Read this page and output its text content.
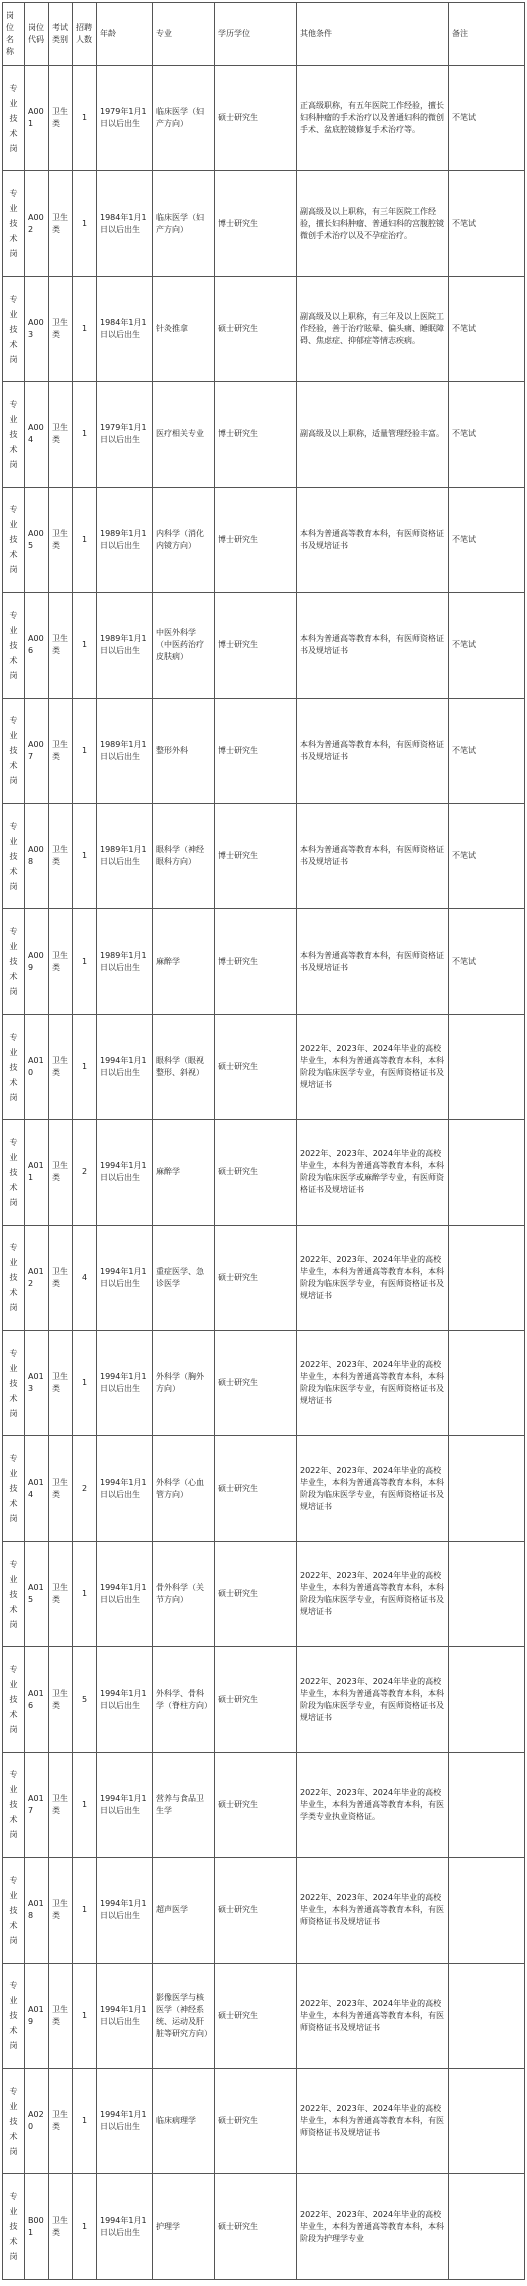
岗位名称	岗位代码	考试类别	招聘人数	年龄	专业	学历学位	其他条件	备注
专业技术岗	A001	卫生类	1	1979年1月1日以后出生	临床医学（妇产方向）	硕士研究生	正高级职称，有五年医院工作经验，擅长妇科肿瘤的手术治疗以及普通妇科的微创手术、盆底腔镜修复手术治疗等。	不笔试
专业技术岗	A002	卫生类	1	1984年1月1日以后出生	临床医学（妇产方向）	博士研究生	副高级及以上职称，有三年医院工作经验，擅长妇科肿瘤、普通妇科的宫腹腔镜微创手术治疗以及不孕症治疗。	不笔试
专业技术岗	A003	卫生类	1	1984年1月1日以后出生	针灸推拿	硕士研究生	副高级及以上职称，有三年及以上医院工作经验，善于治疗眩晕、偏头痛、睡眠障碍、焦虑症、抑郁症等情志疾病。	不笔试
专业技术岗	A004	卫生类	1	1979年1月1日以后出生	医疗相关专业	博士研究生	副高级及以上职称，适量管理经验丰富。	不笔试
专业技术岗	A005	卫生类	1	1989年1月1日以后出生	内科学（消化内镜方向）	博士研究生	本科为普通高等教育本科，有医师资格证书及规培证书	不笔试
专业技术岗	A006	卫生类	1	1989年1月1日以后出生	中医外科学（中医药治疗皮肤病）	博士研究生	本科为普通高等教育本科，有医师资格证书及规培证书	不笔试
专业技术岗	A007	卫生类	1	1989年1月1日以后出生	整形外科	博士研究生	本科为普通高等教育本科，有医师资格证书及规培证书	不笔试
专业技术岗	A008	卫生类	1	1989年1月1日以后出生	眼科学（神经眼科方向）	博士研究生	本科为普通高等教育本科，有医师资格证书及规培证书	不笔试
专业技术岗	A009	卫生类	1	1989年1月1日以后出生	麻醉学	博士研究生	本科为普通高等教育本科，有医师资格证书及规培证书	不笔试
专业技术岗	A010	卫生类	1	1994年1月1日以后出生	眼科学（眼视整形、斜视）	硕士研究生	2022年、2023年、2024年毕业的高校毕业生，本科为普通高等教育本科，本科阶段为临床医学专业，有医师资格证书及规培证书	
专业技术岗	A011	卫生类	2	1994年1月1日以后出生	麻醉学	硕士研究生	2022年、2023年、2024年毕业的高校毕业生，本科为普通高等教育本科，本科阶段为临床医学或麻醉学专业，有医师资格证书及规培证书	
专业技术岗	A012	卫生类	4	1994年1月1日以后出生	重症医学、急诊医学	硕士研究生	2022年、2023年、2024年毕业的高校毕业生，本科为普通高等教育本科，本科阶段为临床医学专业，有医师资格证书及规培证书	
专业技术岗	A013	卫生类	1	1994年1月1日以后出生	外科学（胸外方向）	硕士研究生	2022年、2023年、2024年毕业的高校毕业生，本科为普通高等教育本科，本科阶段为临床医学专业，有医师资格证书及规培证书	
专业技术岗	A014	卫生类	2	1994年1月1日以后出生	外科学（心血管方向）	硕士研究生	2022年、2023年、2024年毕业的高校毕业生，本科为普通高等教育本科，本科阶段为临床医学专业，有医师资格证书及规培证书	
专业技术岗	A015	卫生类	1	1994年1月1日以后出生	骨外科学（关节方向）	硕士研究生	2022年、2023年、2024年毕业的高校毕业生，本科为普通高等教育本科，本科阶段为临床医学专业，有医师资格证书及规培证书	
专业技术岗	A016	卫生类	5	1994年1月1日以后出生	外科学、骨科学（脊柱方向）	硕士研究生	2022年、2023年、2024年毕业的高校毕业生，本科为普通高等教育本科，本科阶段为临床医学专业，有医师资格证书及规培证书	
专业技术岗	A017	卫生类	1	1994年1月1日以后出生	营养与食品卫生学	硕士研究生	2022年、2023年、2024年毕业的高校毕业生，本科为普通高等教育本科，有医学类专业执业资格证。	
专业技术岗	A018	卫生类	1	1994年1月1日以后出生	超声医学	硕士研究生	2022年、2023年、2024年毕业的高校毕业生，本科为普通高等教育本科，有医师资格证书及规培证书	
专业技术岗	A019	卫生类	1	1994年1月1日以后出生	影像医学与核医学（神经系统、运动及肝脏等研究方向）	硕士研究生	2022年、2023年、2024年毕业的高校毕业生，本科为普通高等教育本科，有医师资格证书及规培证书	
专业技术岗	A020	卫生类	1	1994年1月1日以后出生	临床病理学	硕士研究生	2022年、2023年、2024年毕业的高校毕业生，本科为普通高等教育本科，有医师资格证书及规培证书	
专业技术岗	B001	卫生类	1	1994年1月1日以后出生	护理学	硕士研究生	2022年、2023年、2024年毕业的高校毕业生，本科为普通高等教育本科，本科阶段为护理学专业	
